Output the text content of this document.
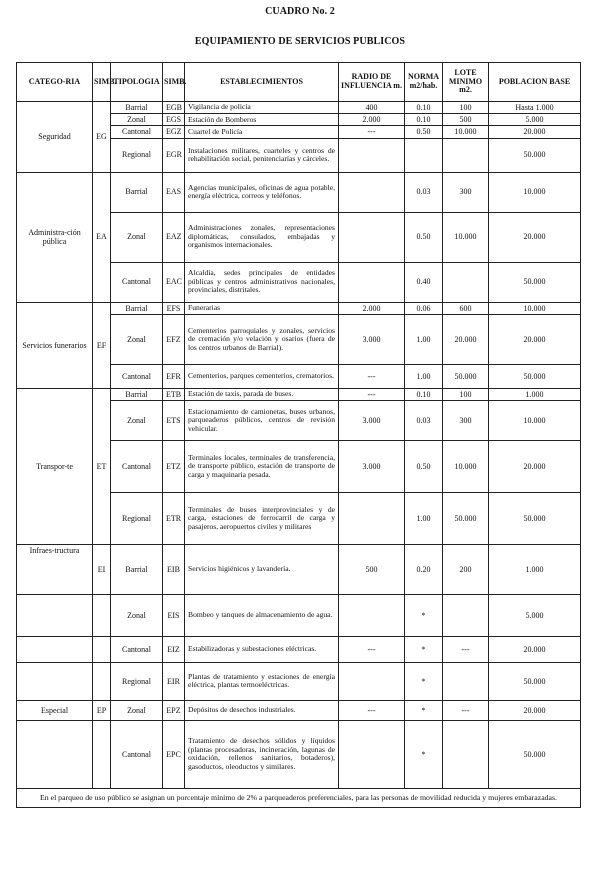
CUADRO No. 2
EQUIPAMIENTO DE SERVICIOS PUBLICOS
CATEGO-RIA	SIMB.	TIPOLOGIA	SIMB.	ESTABLECIMIENTOS	RADIO DE INFLUENCIA m.	NORMA m2/hab.	LOTE MINIMO m2.	POBLACION BASE
Seguridad	EG	Barrial	EGB	Vigilancia de policía	400	0.10	100	Hasta 1.000
		Zonal	EGS	Estación de Bomberos	2.000	0.10	500	5.000
		Cantonal	EGZ	Cuartel de Policía	---	0.50	10.000	20.000
		Regional	EGR	Instalaciones militares, cuarteles y centros de rehabilitación social, penitenciarías y cárceles.				50.000
Administra-ción pública	EA	Barrial	EAS	Agencias municipales, oficinas de agua potable, energía eléctrica, correos y teléfonos.		0.03	300	10.000
		Zonal	EAZ	Administraciones zonales, representaciones diplomáticas, consulados, embajadas y organismos internacionales.		0.50	10.000	20.000
		Cantonal	EAC	Alcaldía, sedes principales de entidades públicas y centros administrativos nacionales, provinciales, distritales.		0.40		50.000
Servicios funerarios	EF	Barrial	EFS	Funerarias	2.000	0.06	600	10.000
		Zonal	EFZ	Cementerios parroquiales y zonales, servicios de cremación y/o velación y osarios (fuera de los centros urbanos de Barrial).	3.000	1.00	20.000	20.000
		Cantonal	EFR	Cementerios, parques cementerios, crematorios.	---	1.00	50.000	50.000
Transpor-te	ET	Barrial	ETB	Estación de taxis, parada de buses.	---	0.10	100	1.000
		Zonal	ETS	Estacionamiento de camionetas, buses urbanos, parqueaderos públicos, centros de revisión vehicular.	3.000	0.03	300	10.000
		Cantonal	ETZ	Terminales locales, terminales de transferencia, de transporte público, estación de transporte de carga y maquinaria pesada.	3.000	0.50	10.000	20.000
		Regional	ETR	Terminales de buses interprovinciales y de carga, estaciones de ferrocarril de carga y pasajeros, aeropuertos civiles y militares		1.00	50.000	50.000
Infraes-tructura	EI	Barrial	EIB	Servicios higiénicos y lavandería.	500	0.20	200	1.000
		Zonal	EIS	Bombeo y tanques de almacenamiento de agua.		*		5.000
		Cantonal	EIZ	Estabilizadoras y subestaciones eléctricas.	---	*	---	20.000
		Regional	EIR	Plantas de tratamiento y estaciones de energía eléctrica, plantas termoeléctricas.		*		50.000
Especial	EP	Zonal	EPZ	Depósitos de desechos industriales.	---	*	---	20.000
		Cantonal	EPC	Tratamiento de desechos sólidos y líquidos (plantas procesadoras, incineración, lagunas de oxidación, rellenos sanitarios, botaderos), gasoductos, oleoductos y similares.		*		50.000
En el parqueo de uso público se asignan un porcentaje mínimo de 2% a parqueaderos preferenciales, para las personas de movilidad reducida y mujeres embarazadas.								
